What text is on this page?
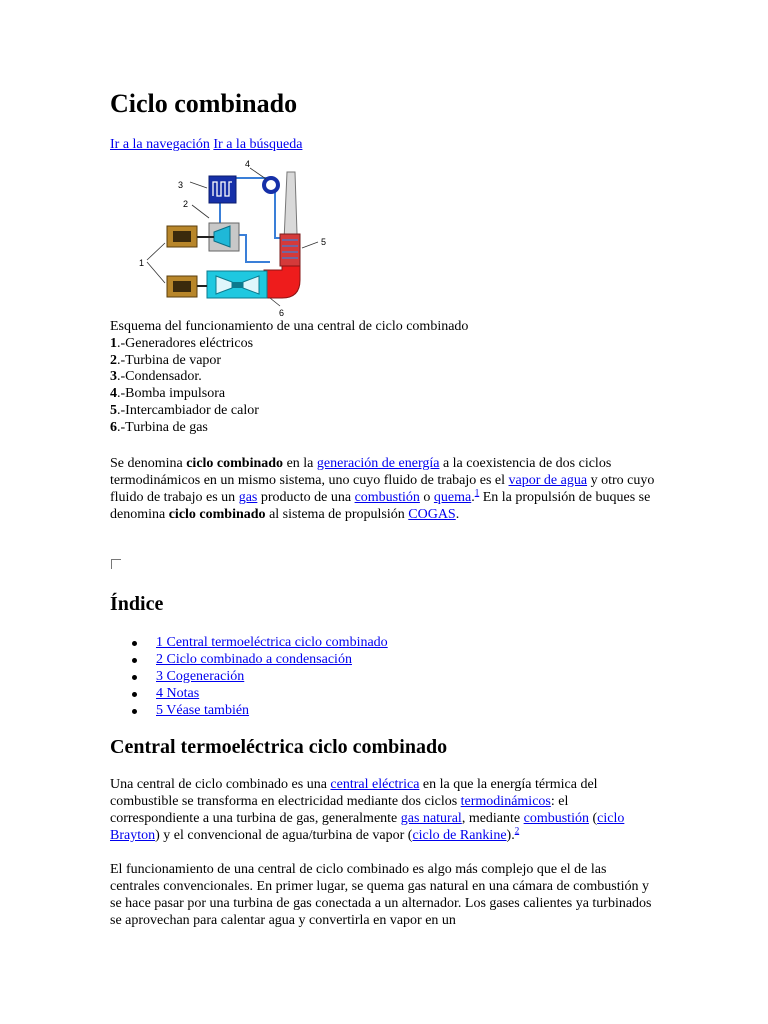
Ciclo combinado
Ir a la navegación Ir a la búsqueda
1
2
3
4
5
6
Esquema del funcionamiento de una central de ciclo combinado
1.-Generadores eléctricos
2.-Turbina de vapor
3.-Condensador.
4.-Bomba impulsora
5.-Intercambiador de calor
6.-Turbina de gas

Se denomina ciclo combinado en la generación de energía a la coexistencia de dos ciclos termodinámicos en un mismo sistema, uno cuyo fluido de trabajo es el vapor de agua y otro cuyo fluido de trabajo es un gas producto de una combustión o quema.$^1$ En la propulsión de buques se denomina ciclo combinado al sistema de propulsión COGAS.

Índice
1 Central termoeléctrica ciclo combinado
2 Ciclo combinado a condensación
3 Cogeneración
4 Notas
5 Véase también
Central termoeléctrica ciclo combinado

Una central de ciclo combinado es una central eléctrica en la que la energía térmica del combustible se transforma en electricidad mediante dos ciclos termodinámicos: el correspondiente a una turbina de gas, generalmente gas natural, mediante combustión (ciclo Brayton) y el convencional de agua/turbina de vapor (ciclo de Rankine).$^2$

El funcionamiento de una central de ciclo combinado es algo más complejo que el de las centrales convencionales. En primer lugar, se quema gas natural en una cámara de combustión y se hace pasar por una turbina de gas conectada a un alternador. Los gases calientes ya turbinados se aprovechan para calentar agua y convertirla en vapor en un
